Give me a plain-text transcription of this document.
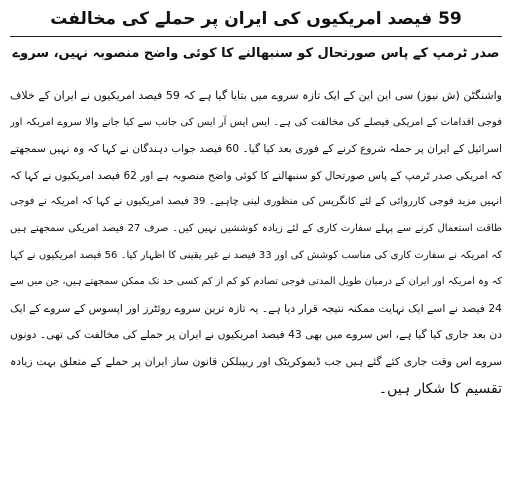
59 فیصد امریکیوں کی ایران پر حملے کی مخالفت
صدر ٹرمپ کے پاس صورتحال کو سنبھالنے کا کوئی واضح منصوبہ نہیں، سروے
واشنگٹن (ش نیوز) سی این این کے ایک تازہ سروے میں بتایا گیا ہے کہ 59 فیصد امریکیوں نے ایران کے خلاف
فوجی اقدامات کے امریکی فیصلے کی مخالفت کی ہے۔ ایس ایس آر ایس کی جانب سے کیا جانے والا سروے امریکہ اور
اسرائیل کے ایران پر حملہ شروع کرنے کے فوری بعد کیا گیا۔ 60 فیصد جواب دہندگان نے کہا کہ وہ نہیں سمجھتے
کہ امریکی صدر ٹرمپ کے پاس صورتحال کو سنبھالنے کا کوئی واضح منصوبہ ہے اور 62 فیصد امریکیوں نے کہا کہ
انہیں مزید فوجی کارروائی کے لئے کانگریس کی منظوری لینی چاہیے۔ 39 فیصد امریکیوں نے کہا کہ امریکہ نے فوجی
طاقت استعمال کرنے سے پہلے سفارت کاری کے لئے زیادہ کوششیں نہیں کیں۔ صرف 27 فیصد امریکی سمجھتے ہیں
کہ امریکہ نے سفارت کاری کی مناسب کوشش کی اور 33 فیصد نے غیر یقینی کا اظہار کیا۔ 56 فیصد امریکیوں نے کہا
کہ وہ امریکہ اور ایران کے درمیان طویل المدتی فوجی تصادم کو کم از کم کسی حد تک ممکن سمجھتے ہیں، جن میں سے
24 فیصد نے اسے ایک نہایت ممکنہ نتیجہ قرار دیا ہے۔ یہ تازہ ترین سروے روئٹرز اور اپسوس کے سروے کے ایک
دن بعد جاری کیا گیا ہے، اس سروے میں بھی 43 فیصد امریکیوں نے ایران پر حملے کی مخالفت کی تھی۔ دونوں
سروے اس وقت جاری کئے گئے ہیں جب ڈیموکریٹک اور ریپبلکن قانون ساز ایران پر حملے کے متعلق بہت زیادہ
تقسیم کا شکار ہیں۔
